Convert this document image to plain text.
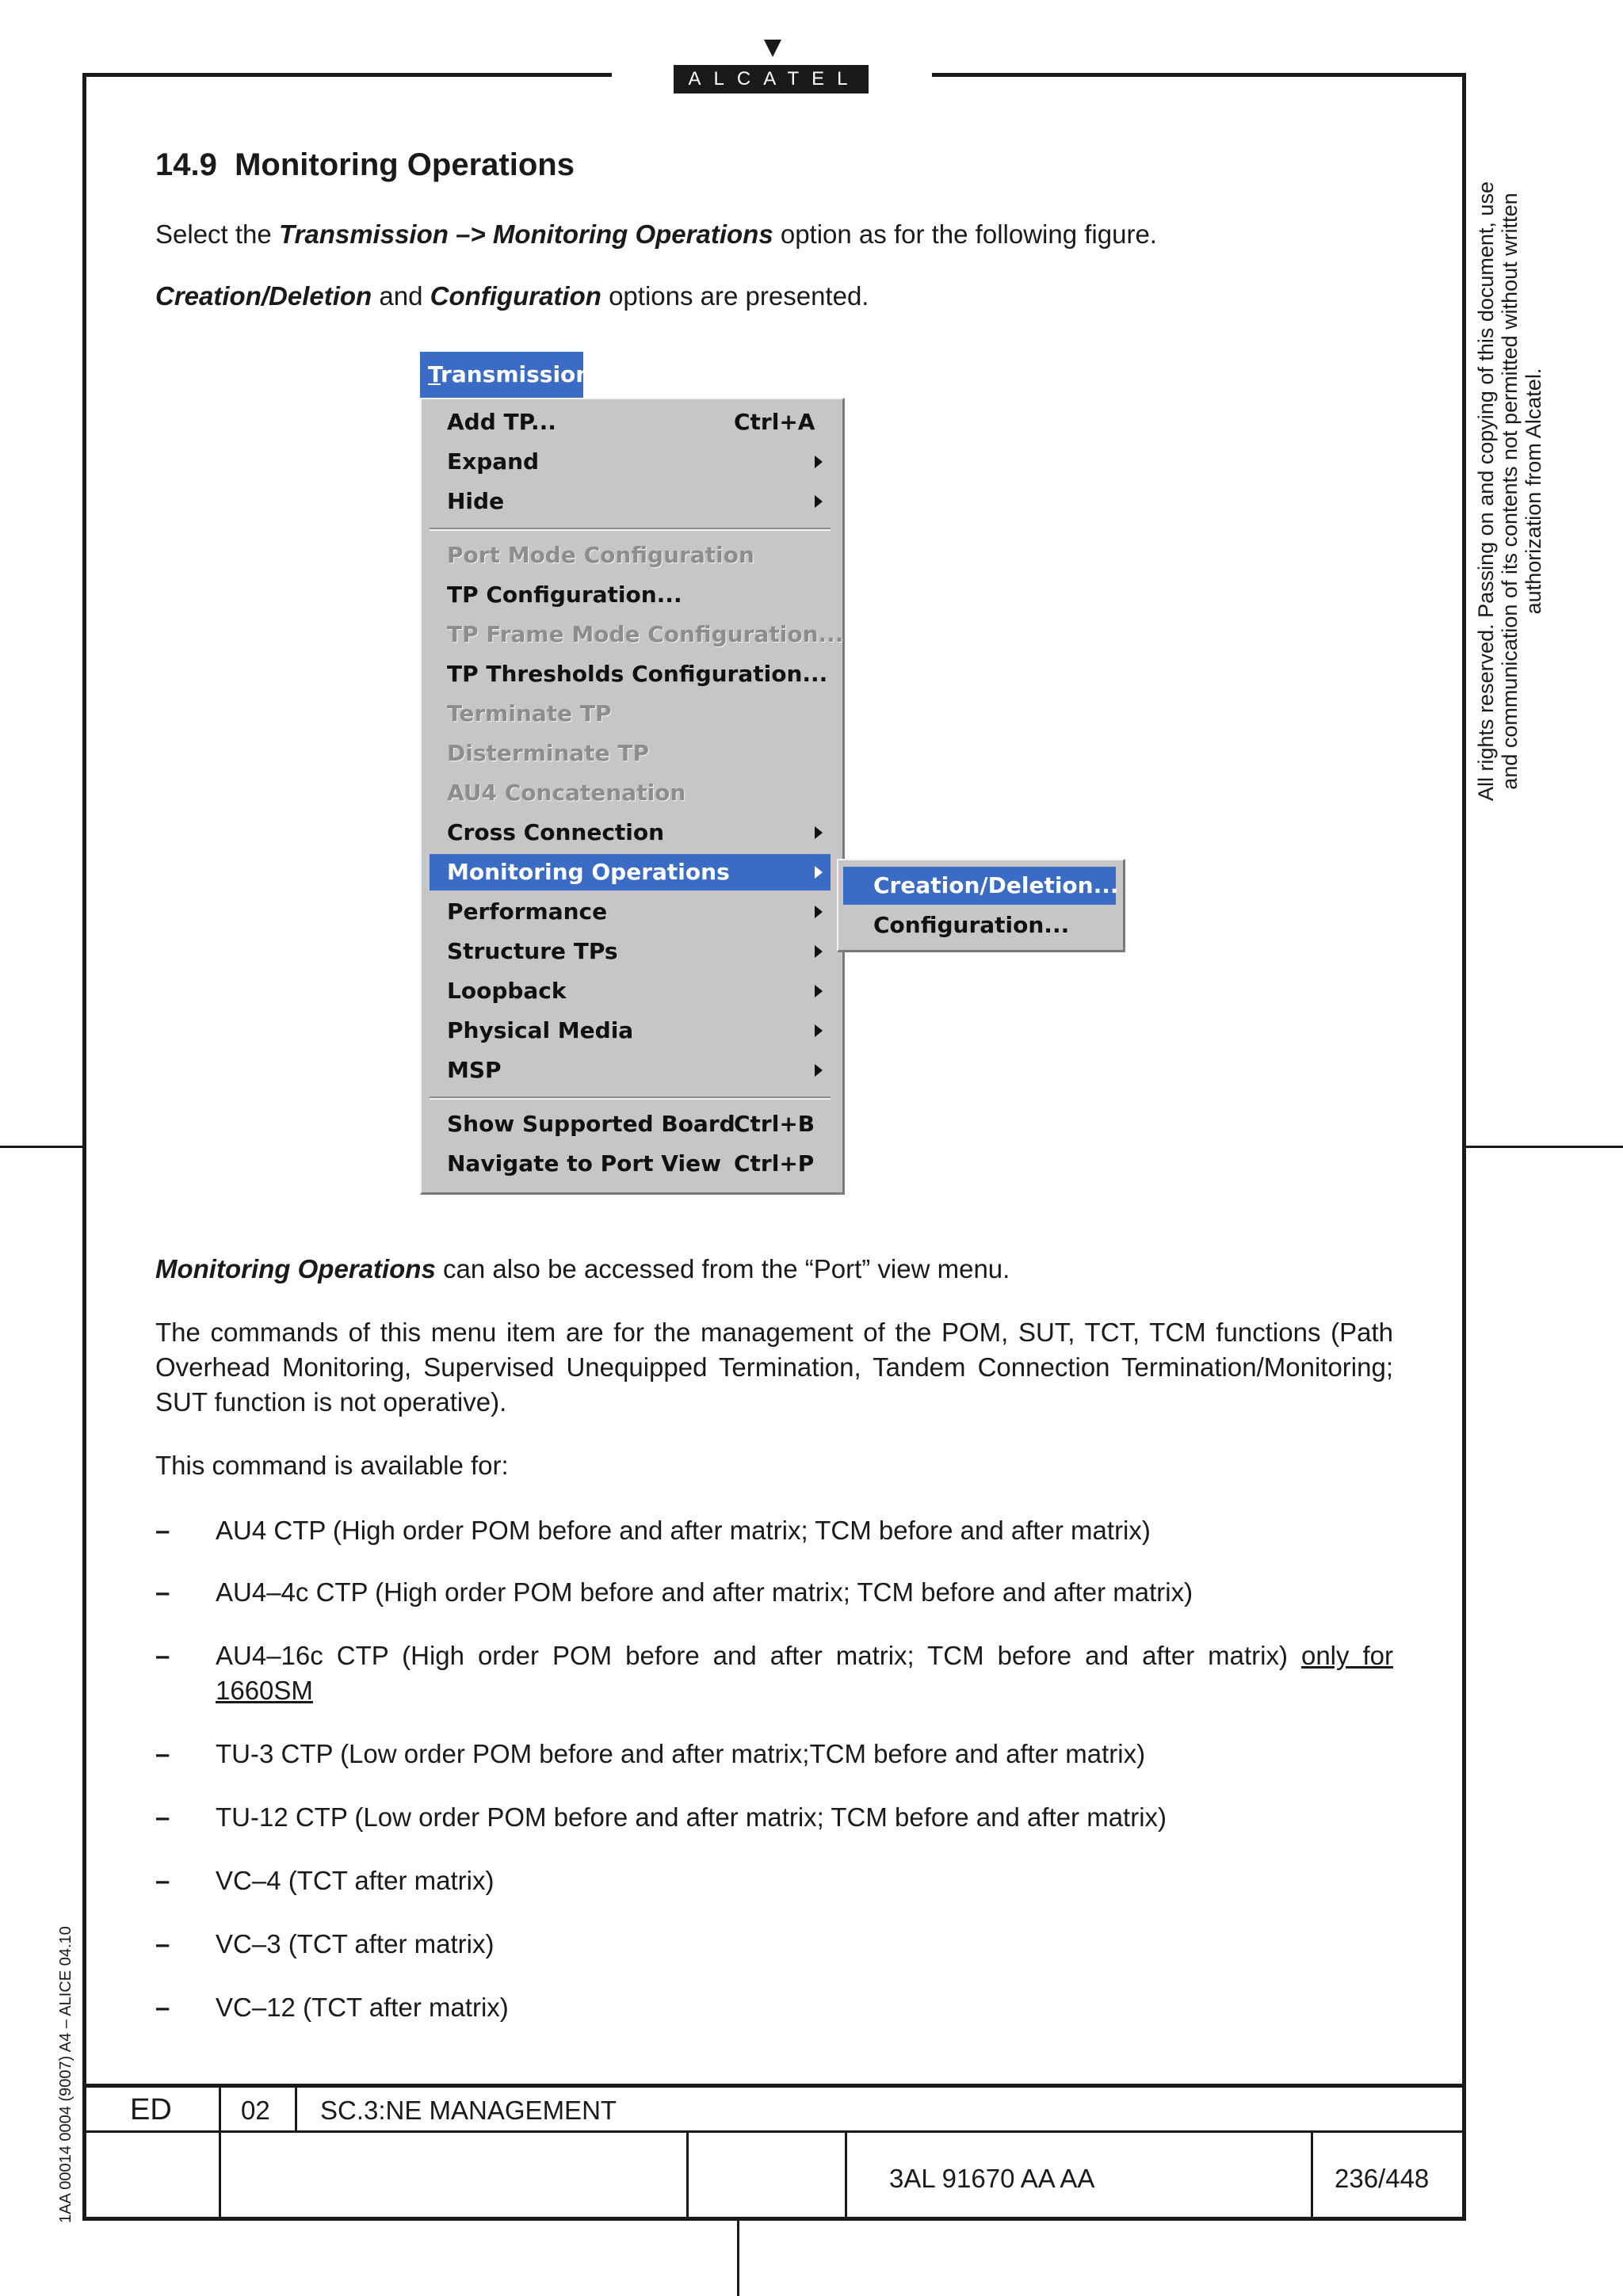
ALCATEL
All rights reserved. Passing on and copying of this document, use and communication of its contents not permitted without written authorization from Alcatel.
1AA 00014 0004 (9007) A4 – ALICE 04.10
14.9 Monitoring Operations
Select the Transmission –> Monitoring Operations option as for the following figure.
Creation/Deletion and Configuration options are presented.
Transmission
Add TP...	Ctrl+A
Expand
Hide
Port Mode Configuration
TP Configuration...
TP Frame Mode Configuration...
TP Thresholds Configuration...
Terminate TP
Disterminate TP
AU4 Concatenation
Cross Connection
Monitoring Operations
Performance
Structure TPs
Loopback
Physical Media
MSP
Show Supported Board
Ctrl+B
Navigate to Port View Ctrl+P
Creation/Deletion...
Configuration...
Monitoring Operations can also be accessed from the “Port” view menu.
The commands of this menu item are for the management of the POM, SUT, TCT, TCM functions (Path Overhead Monitoring, Supervised Unequipped Termination, Tandem Connection Termination/Monitoring; SUT function is not operative).
This command is available for:
– AU4 CTP (High order POM before and after matrix; TCM before and after matrix)
– AU4–4c CTP (High order POM before and after matrix; TCM before and after matrix)
– AU4–16c CTP (High order POM before and after matrix; TCM before and after matrix) only for 1660SM
– TU-3 CTP (Low order POM before and after matrix;TCM before and after matrix)
– TU-12 CTP (Low order POM before and after matrix; TCM before and after matrix)
– VC–4 (TCT after matrix)
– VC–3 (TCT after matrix)
– VC–12 (TCT after matrix)
ED	02 SC.3:NE MANAGEMENT
3AL 91670 AA AA	236/448
